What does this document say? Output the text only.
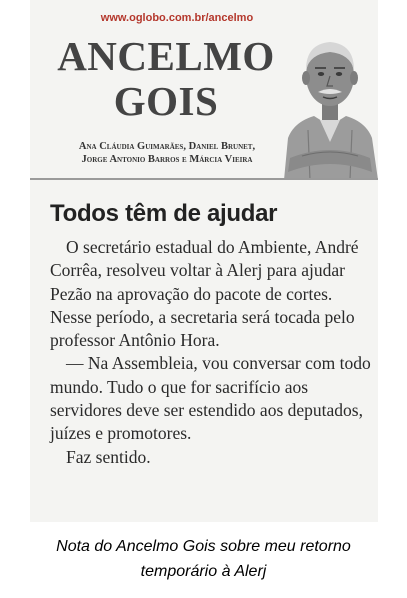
www.oglobo.com.br/ancelmo
ANCELMO
GOIS
Ana Cláudia Guimarães, Daniel Brunet,
Jorge Antonio Barros e Márcia Vieira
Todos têm de ajudar

O secretário estadual do Ambiente, André Corrêa, resolveu voltar à Alerj para ajudar Pezão na aprovação do pacote de cortes. Nesse período, a secretaria será tocada pelo professor Antônio Hora.

— Na Assembleia, vou conversar com todo mundo. Tudo o que for sacrifício aos servidores deve ser estendido aos deputados, juízes e promotores.

Faz sentido.

Nota do Ancelmo Gois sobre meu retorno
temporário à Alerj
